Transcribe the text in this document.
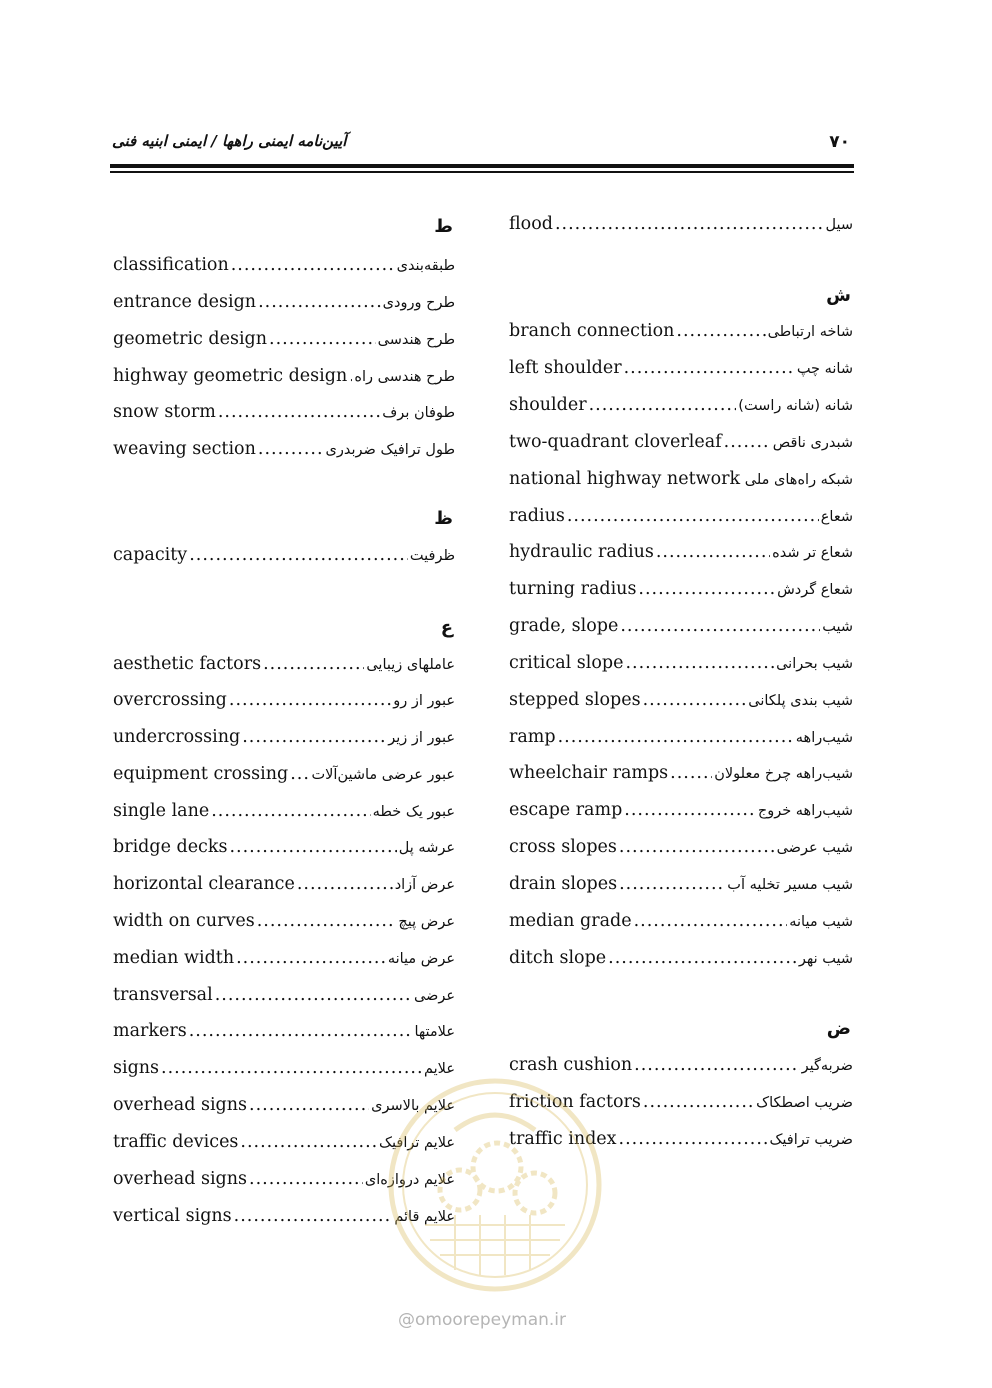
۷۰
آیین‌نامه ایمنی راهها / ایمنی ابنیه فنی
flood .....	سیل
ش
branch connection .....	شاخه ارتباطی
left shoulder .....	شانه چپ
shoulder .....	شانه (شانه راست)
two-quadrant cloverleaf .....	شبدری ناقص
national highway network ..... شبکه راه‌های ملی
radius .....	شعاع
hydraulic radius .....	شعاع تر شده
turning radius .....	شعاع گردش
grade, slope .....	شیب
critical slope .....	شیب بحرانی
stepped slopes .....	شیب بندی پلکانی
ramp .....	شیب‌راهه
wheelchair ramps .....	شیب‌راهه چرخ معلولان
escape ramp .....	شیب‌راهه خروج
cross slopes .....	شیب عرضی
drain slopes .....	شیب مسیر تخلیه آب
median grade .....	شیب میانه
ditch slope .....	شیب نهر
ض
crash cushion .....	ضربه‌گیر
friction factors .....	ضریب اصطکاک
traffic index .....	ضریب ترافیک
ط
classification .....	طبقه‌بندی
entrance design .....	طرح ورودی
geometric design .....	طرح هندسی
highway geometric design ..... طرح هندسی راه
snow storm .....	طوفان برف
weaving section .....	طول ترافیک ضربدری
ظ
capacity .....	ظرفیت
ع
aesthetic factors .....	عاملهای زیبایی
overcrossing .....	عبور از رو
undercrossing .....	عبور از زیر
equipment crossing ..... عبور عرضی ماشین‌آلات
single lane .....	عبور یک خطه
bridge decks .....	عرشه پل
horizontal clearance .....	عرض آزاد
width on curves .....	عرض پیچ
median width .....	عرض میانه
transversal .....	عرضی
markers .....	علامتها
signs .....	علایم
overhead signs .....	علایم بالاسری
traffic devices .....	علایم ترافیک
overhead signs .....	علایم دروازه‌ای
vertical signs .....	علایم قائم
@omoorepeyman.ir
